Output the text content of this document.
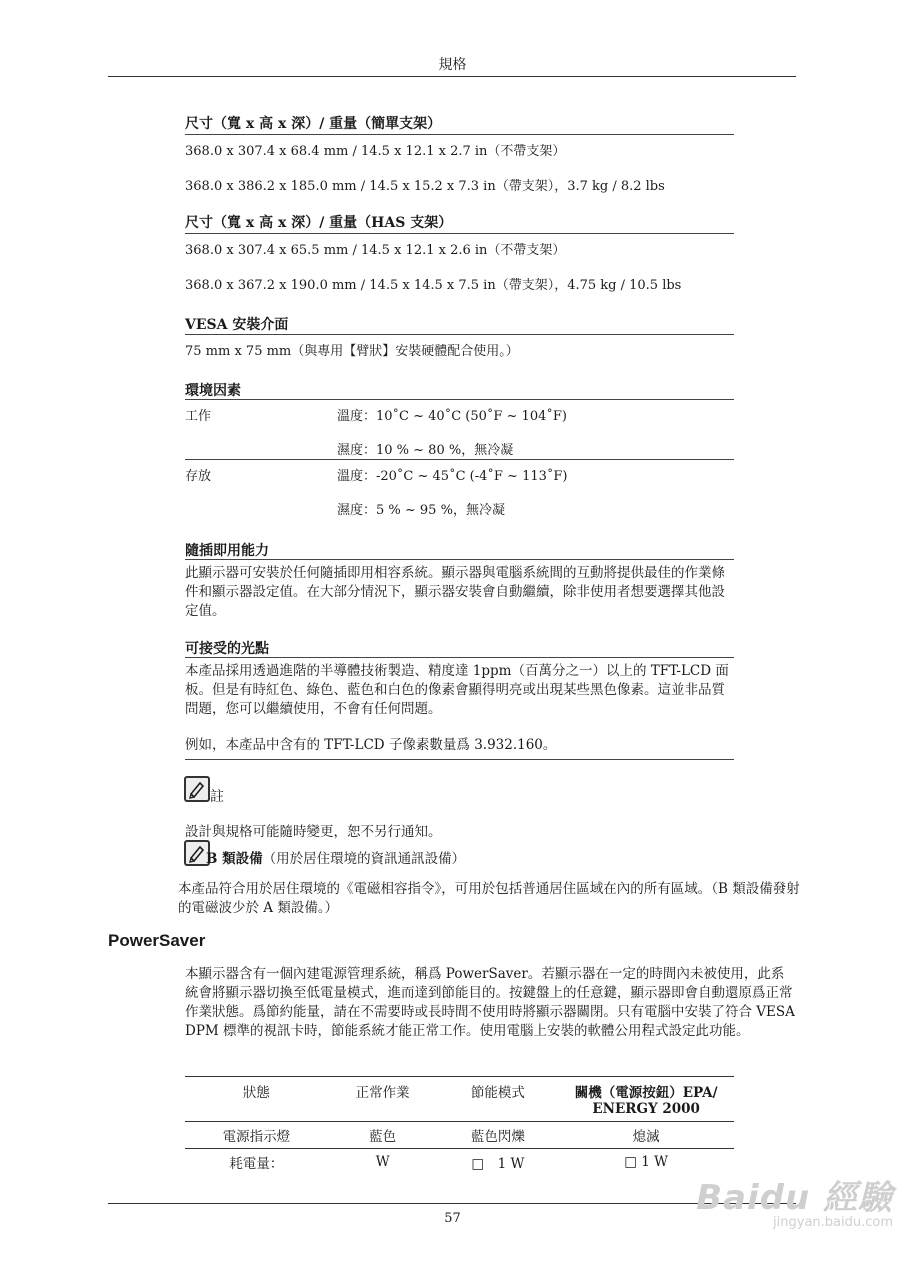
規格
尺寸（寬 x 高 x 深）/ 重量（簡單支架）
368.0 x 307.4 x 68.4 mm / 14.5 x 12.1 x 2.7 in（不帶支架）
368.0 x 386.2 x 185.0 mm / 14.5 x 15.2 x 7.3 in（帶支架），3.7 kg / 8.2 lbs
尺寸（寬 x 高 x 深）/ 重量（HAS 支架）
368.0 x 307.4 x 65.5 mm / 14.5 x 12.1 x 2.6 in（不帶支架）
368.0 x 367.2 x 190.0 mm / 14.5 x 14.5 x 7.5 in（帶支架），4.75 kg / 10.5 lbs
VESA 安裝介面
75 mm x 75 mm（與專用【臂狀】安裝硬體配合使用。）
環境因素
工作	溫度：10˚C ~ 40˚C (50˚F ~ 104˚F)
濕度：10 % ~ 80 %，無冷凝
存放	溫度：-20˚C ~ 45˚C (-4˚F ~ 113˚F)
濕度：5 % ~ 95 %，無冷凝
隨插即用能力
此顯示器可安裝於任何隨插即用相容系統。顯示器與電腦系統間的互動將提供最佳的作業條件和顯示器設定值。在大部分情況下，顯示器安裝會自動繼續，除非使用者想要選擇其他設定值。
可接受的光點
本產品採用透過進階的半導體技術製造、精度達 1ppm（百萬分之一）以上的 TFT-LCD 面板。但是有時紅色、綠色、藍色和白色的像素會顯得明亮或出現某些黑色像素。這並非品質問題，您可以繼續使用，不會有任何問題。
例如，本產品中含有的 TFT-LCD 子像素數量爲 3.932.160。
註
設計與規格可能隨時變更，恕不另行通知。
B 類設備（用於居住環境的資訊通訊設備）
本產品符合用於居住環境的《電磁相容指令》，可用於包括普通居住區域在內的所有區域。（B 類設備發射的電磁波少於 A 類設備。）
PowerSaver
本顯示器含有一個內建電源管理系統，稱爲 PowerSaver。若顯示器在一定的時間內未被使用，此系統會將顯示器切換至低電量模式，進而達到節能目的。按鍵盤上的任意鍵，顯示器即會自動還原爲正常作業狀態。爲節約能量，請在不需要時或長時間不使用時將顯示器關閉。只有電腦中安裝了符合 VESA DPM 標準的視訊卡時，節能系統才能正常工作。使用電腦上安裝的軟體公用程式設定此功能。
狀態	正常作業	節能模式	關機（電源按鈕）EPA/ ENERGY 2000
電源指示燈	藍色	藍色閃爍	熄滅
耗電量：	W	□　1 W	□ 1 W
57
Baidu 經驗
jingyan.baidu.com
